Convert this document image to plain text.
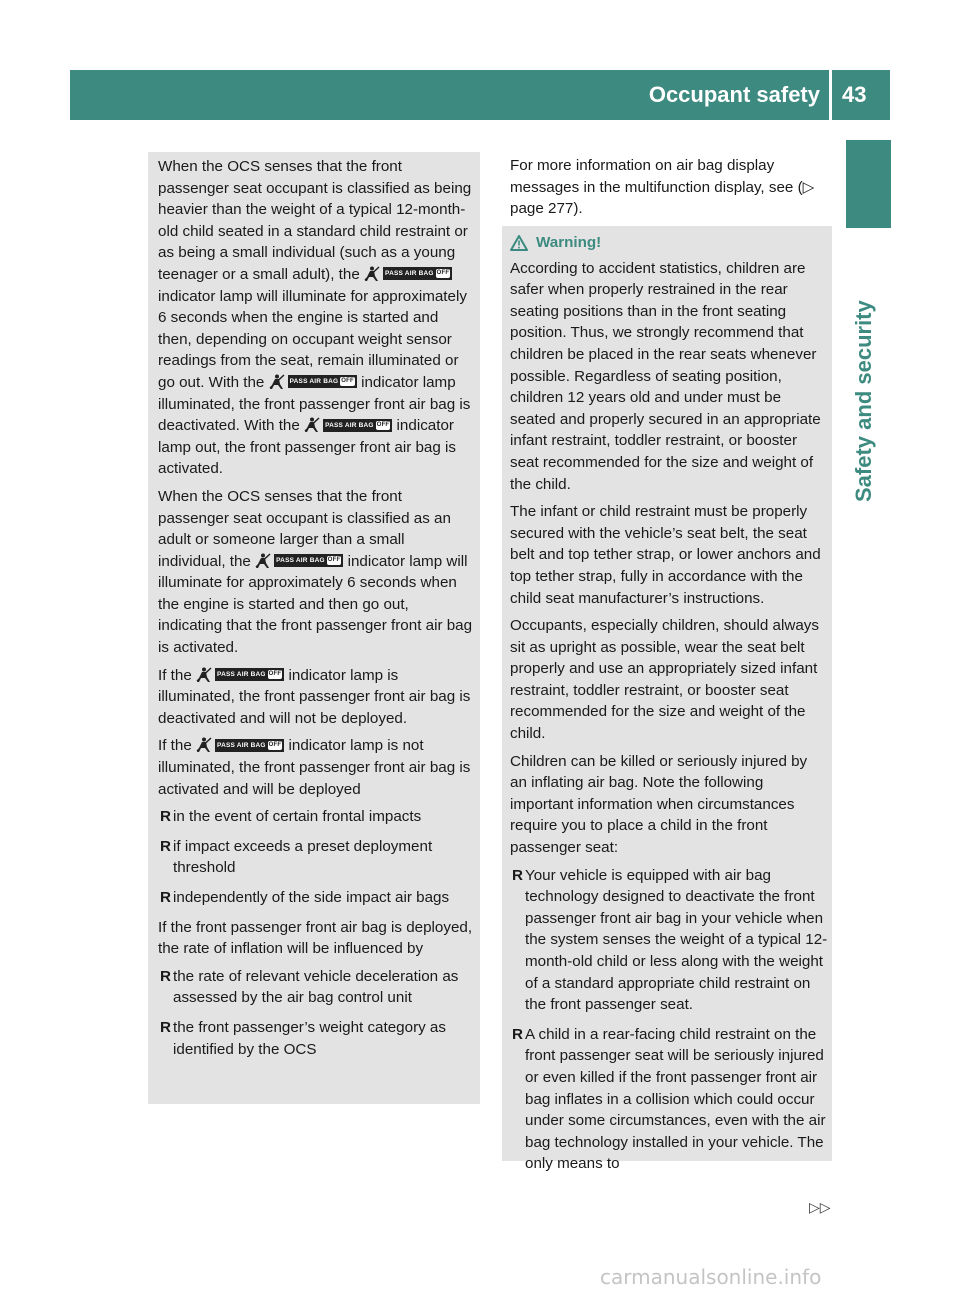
Occupant safety 43
Safety and security

When the OCS senses that the front passenger seat occupant is classified as being heavier than the weight of a typical 12-month-old child seated in a standard child restraint or as being a small individual (such as a young teenager or a small adult), the	PASS AIR BAG OFF
indicator lamp will illuminate for approximately 6 seconds when the engine is started and then, depending on occupant weight sensor readings from the seat, remain illuminated or go out. With the	PASS AIR BAG OFF indicator lamp illuminated, the front passenger front air bag is deactivated. With the	PASS AIR BAG OFF indicator lamp out, the front passenger front air bag is activated.

When the OCS senses that the front passenger seat occupant is classified as an adult or someone larger than a small individual, the	PASS AIR BAG OFF indicator lamp will illuminate for approximately 6 seconds when the engine is started and then go out, indicating that the front passenger front air bag is activated.

If the	PASS AIR BAG OFF indicator lamp is illuminated, the front passenger front air bag is deactivated and will not be deployed.

If the	PASS AIR BAG OFF indicator lamp is not illuminated, the front passenger front air bag is activated and will be deployed

R in the event of certain frontal impacts
R if impact exceeds a preset deployment threshold
R independently of the side impact air bags

If the front passenger front air bag is deployed, the rate of inflation will be influenced by

R the rate of relevant vehicle deceleration as assessed by the air bag control unit
R the front passenger’s weight category as identified by the OCS

For more information on air bag display messages in the multifunction display, see (▷ page 277).

Warning!

According to accident statistics, children are safer when properly restrained in the rear seating positions than in the front seating position. Thus, we strongly recommend that children be placed in the rear seats whenever possible. Regardless of seating position, children 12 years old and under must be seated and properly secured in an appropriate infant restraint, toddler restraint, or booster seat recommended for the size and weight of the child.

The infant or child restraint must be properly secured with the vehicle’s seat belt, the seat belt and top tether strap, or lower anchors and top tether strap, fully in accordance with the child seat manufacturer’s instructions.

Occupants, especially children, should always sit as upright as possible, wear the seat belt properly and use an appropriately sized infant restraint, toddler restraint, or booster seat recommended for the size and weight of the child.

Children can be killed or seriously injured by an inflating air bag. Note the following important information when circumstances require you to place a child in the front passenger seat:

R Your vehicle is equipped with air bag technology designed to deactivate the front passenger front air bag in your vehicle when the system senses the weight of a typical 12-month-old child or less along with the weight of a standard appropriate child restraint on the front passenger seat.
R A child in a rear-facing child restraint on the front passenger seat will be seriously injured or even killed if the front passenger front air bag inflates in a collision which could occur under some circumstances, even with the air bag technology installed in your vehicle. The only means to
▷▷
carmanualsonline.info
